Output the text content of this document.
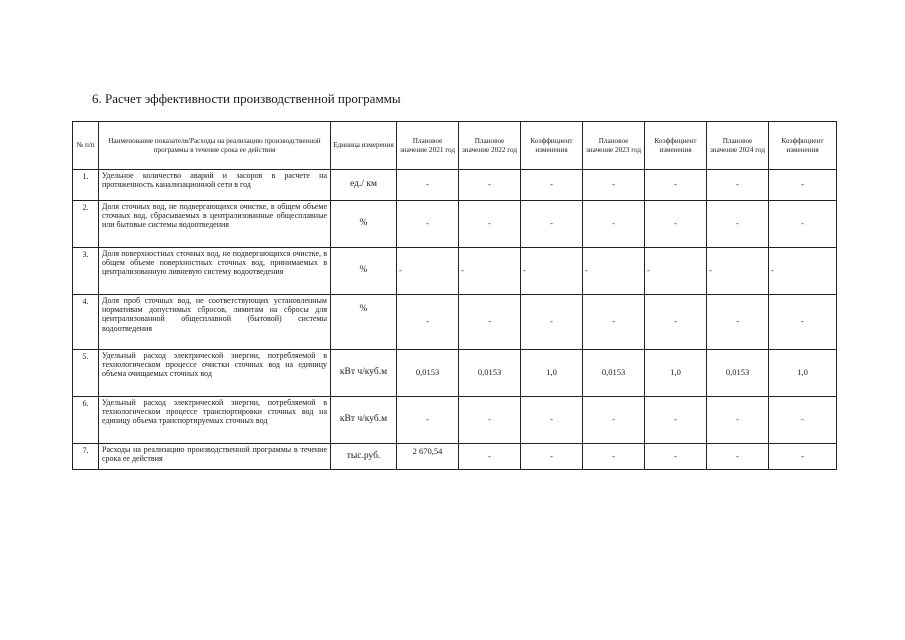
6. Расчет эффективности производственной программы
№ п/п	Наименование показателя/Расходы на реализацию производственной программы в течение срока ее действия	Единица измерения	Плановое значение 2021 год	Плановое значение 2022 год	Коэффициент изменения	Плановое значение 2023 год	Коэффициент изменения	Плановое значение 2024 год	Коэффициент изменения
1.	Удельное количество аварий и засоров в расчете на протяженность канализационной сети в год	ед./ км	-	-	-	-	-	-	-
2.	Доля сточных вод, не подвергающихся очистке, в общем объеме сточных вод, сбрасываемых в централизованные общесплавные или бытовые системы водоотведения	%	-	-	-	-	-	-	-
3.	Доля поверхностных сточных вод, не подвергающихся очистке, в общем объеме поверхностных сточных вод, принимаемых в централизованную ливневую систему водоотведения	%	-	-	-	-	-	-	-
4.	Доля проб сточных вод, не соответствующих установленным нормативам допустимых сбросов, лимитам на сбросы для централизованной общесплавной (бытовой) системы водоотведения	%	-	-	-	-	-	-	-
5.	Удельный расход электрической энергии, потребляемой в технологическом процессе очистки сточных вод на единицу объема очищаемых сточных вод	кВт ч/куб.м	0,0153	0,0153	1,0	0,0153	1,0	0,0153	1,0
6.	Удельный расход электрической энергии, потребляемой в технологическом процессе транспортировки сточных вод на единицу объема транспортируемых сточных вод	кВт ч/куб.м	-	-	-	-	-	-	-
7.	Расходы на реализацию производственной программы в течение срока ее действия	тыс.руб.	2 670,54	-	-	-	-	-	-
